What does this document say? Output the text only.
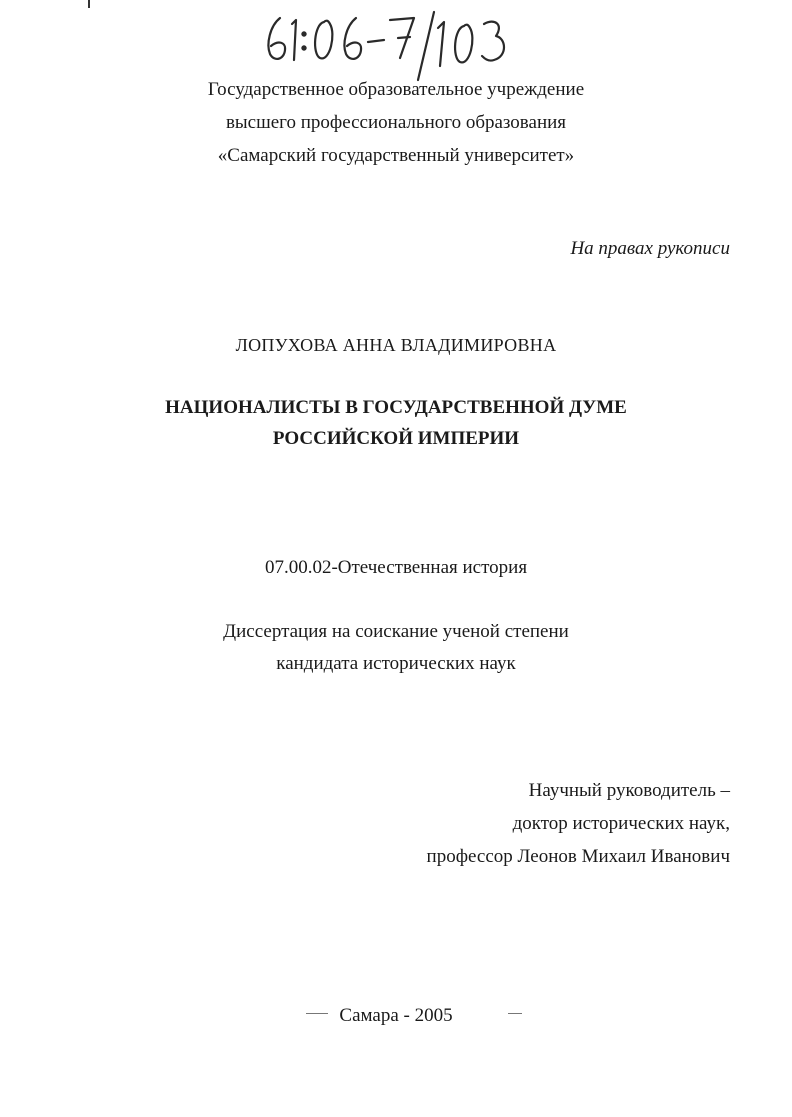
Государственное образовательное учреждение
высшего профессионального образования
«Самарский государственный университет»
На правах рукописи
ЛОПУХОВА АННА ВЛАДИМИРОВНА
НАЦИОНАЛИСТЫ В ГОСУДАРСТВЕННОЙ ДУМЕ
РОССИЙСКОЙ ИМПЕРИИ
07.00.02-Отечественная история
Диссертация на соискание ученой степени
кандидата исторических наук
Научный руководитель –
доктор исторических наук,
профессор Леонов Михаил Иванович
Самара - 2005
